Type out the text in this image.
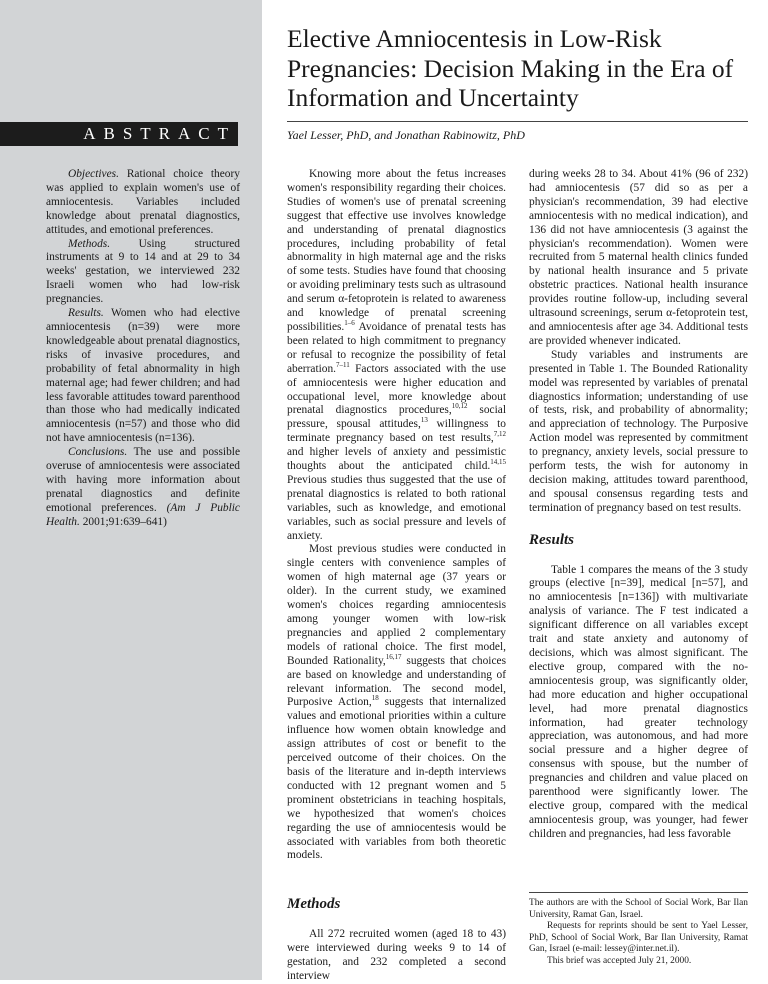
ABSTRACT

Objectives. Rational choice theory was applied to explain women's use of amniocentesis. Variables included knowledge about prenatal diagnostics, attitudes, and emotional preferences.

Methods.	Using structured instruments at 9 to 14 and at 29 to 34 weeks' gestation, we interviewed 232 Israeli women who had low-risk pregnancies.

Results. Women who had elective amniocentesis (n=39) were more knowledgeable about prenatal diagnostics, risks of invasive procedures, and probability of fetal abnormality in high maternal age; had fewer children; and had less favorable attitudes toward parenthood than those who had medically indicated amniocentesis (n=57) and those who did not have amniocentesis (n=136).

Conclusions. The use and possible overuse of amniocentesis were associated with having more information about prenatal diagnostics and definite emotional preferences. (Am J Public Health. 2001;91:639–641)

Elective Amniocentesis in Low-Risk Pregnancies: Decision Making in the Era of Information and Uncertainty
Yael Lesser, PhD, and Jonathan Rabinowitz, PhD

Knowing more about the fetus increases women's responsibility regarding their choices. Studies of women's use of prenatal screening suggest that effective use involves knowledge and understanding of prenatal diagnostics procedures, including probability of fetal abnormality in high maternal age and the risks of some tests. Studies have found that choosing or avoiding preliminary tests such as ultrasound and serum α-fetoprotein is related to awareness and knowledge of prenatal screening possibilities.$^{1-6}$ Avoidance of prenatal tests has been related to high commitment to pregnancy or refusal to recognize the possibility of fetal aberration.$^{7-11}$ Factors associated with the use of amniocentesis were higher education and occupational level, more knowledge about prenatal diagnostics procedures,$^{10,12}$ social pressure, spousal attitudes,$^{13}$ willingness to terminate pregnancy based on test results,$^{7,12}$ and higher levels of anxiety and pessimistic thoughts about the anticipated child.$^{14,15}$ Previous studies thus suggested that the use of prenatal diagnostics is related to both rational variables, such as knowledge, and emotional variables, such as social pressure and levels of anxiety.

Most previous studies were conducted in single centers with convenience samples of women of high maternal age (37 years or older). In the current study, we examined women's choices regarding amniocentesis among younger women with low-risk pregnancies and applied 2 complementary models of rational choice. The first model, Bounded Rationality,$^{16,17}$ suggests that choices are based on knowledge and understanding of relevant information. The second model, Purposive Action,$^{18}$ suggests that internalized values and emotional priorities within a culture influence how women obtain knowledge and assign attributes of cost or benefit to the perceived outcome of their choices. On the basis of the literature and in-depth interviews conducted with 12 pregnant women and 5 prominent obstetricians in teaching hospitals, we hypothesized that women's choices regarding the use of amniocentesis would be associated with variables from both theoretic models.

Methods

All 272 recruited women (aged 18 to 43) were interviewed during weeks 9 to 14 of gestation, and 232 completed a second interview

during weeks 28 to 34. About 41% (96 of 232) had amniocentesis (57 did so as per a physician's recommendation, 39 had elective amniocentesis with no medical indication), and 136 did not have amniocentesis (3 against the physician's recommendation). Women were recruited from 5 maternal health clinics funded by national health insurance and 5 private obstetric practices. National health insurance provides routine follow-up, including several ultrasound screenings, serum α-fetoprotein test, and amniocentesis after age 34. Additional tests are provided whenever indicated.

Study variables and instruments are presented in Table 1. The Bounded Rationality model was represented by variables of prenatal diagnostics information; understanding of use of tests, risk, and probability of abnormality; and appreciation of technology. The Purposive Action model was represented by commitment to pregnancy, anxiety levels, social pressure to perform tests, the wish for autonomy in decision making, attitudes toward parenthood, and spousal consensus regarding tests and termination of pregnancy based on test results.

Results

Table 1 compares the means of the 3 study groups (elective [n=39], medical [n=57], and no amniocentesis [n=136]) with multivariate analysis of variance. The F test indicated a significant difference on all variables except trait and state anxiety and autonomy of decisions, which was almost significant. The elective group, compared with the no-amniocentesis group, was significantly older, had more education and higher occupational level, had more prenatal diagnostics information, had greater technology appreciation, was autonomous, and had more social pressure and a higher degree of consensus with spouse, but the number of pregnancies and children and value placed on parenthood were significantly lower. The elective group, compared with the medical amniocentesis group, was younger, had fewer children and pregnancies, had less favorable

The authors are with the School of Social Work, Bar Ilan University, Ramat Gan, Israel.

Requests for reprints should be sent to Yael Lesser, PhD, School of Social Work, Bar Ilan University, Ramat Gan, Israel (e-mail: lessey@inter.net.il).

This brief was accepted July 21, 2000.
